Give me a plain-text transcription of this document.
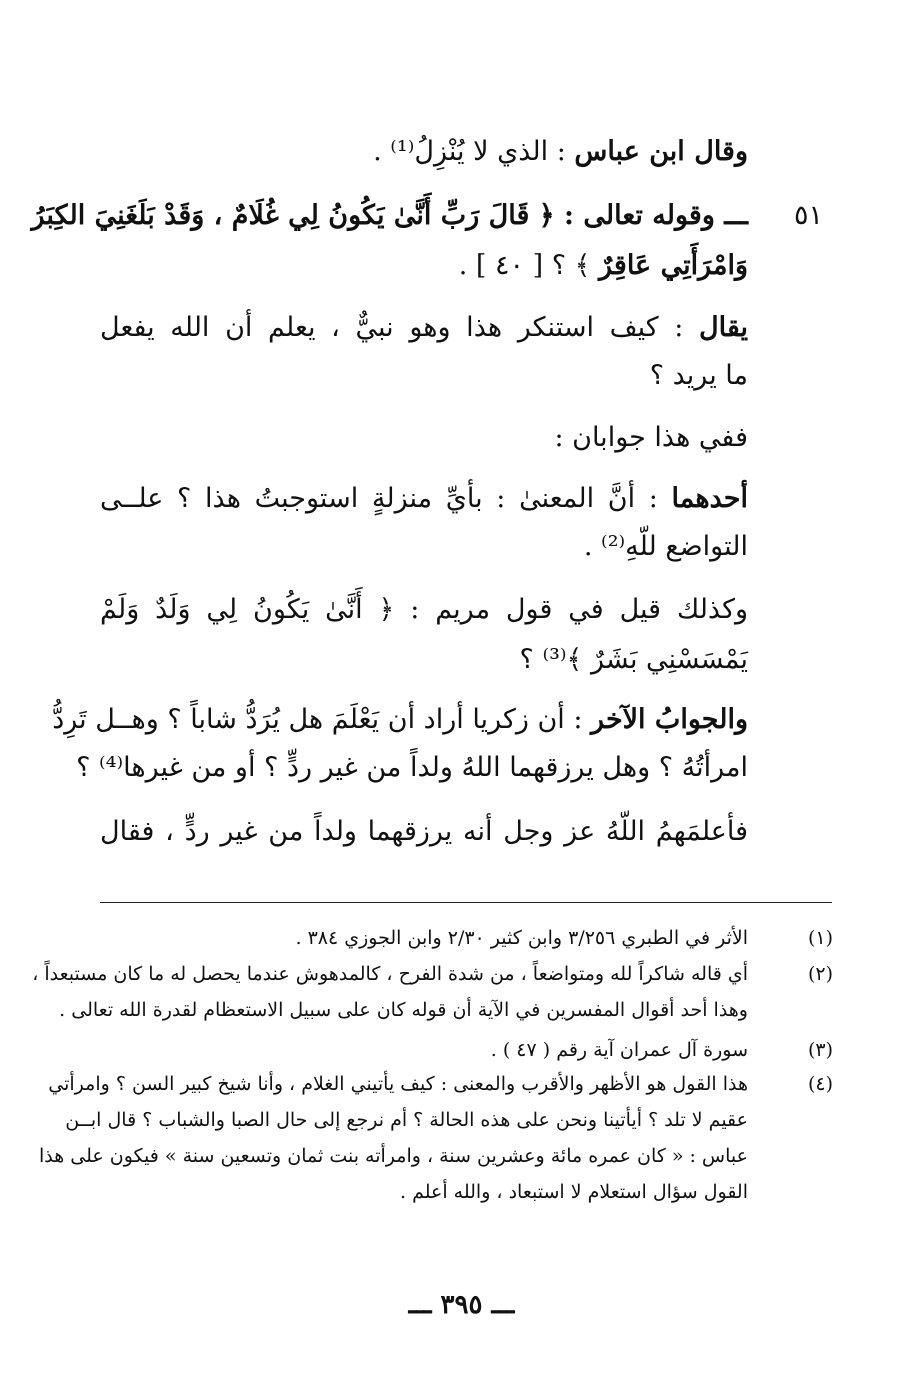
وقال ابن عباس : الذي لا يُنْزِلُ⁽¹⁾ .
٥١
ـــ وقوله تعالى : ﴿ قَالَ رَبِّ أَنَّىٰ يَكُونُ لِي غُلَامٌ ، وَقَدْ بَلَغَنِيَ الكِبَرُ
وَامْرَأَتِي عَاقِرٌ ﴾ ؟ [ ٤٠ ] .
يقال : كيف استنكر هذا وهو نبيٌّ ، يعلم أن الله يفعل
ما يريد ؟
ففي هذا جوابان :
أحدهما : أنَّ المعنىٰ : بأيِّ منزلةٍ استوجبتُ هذا ؟ علــى
التواضع للّهِ⁽²⁾ .
وكذلك قيل في قول مريم : ﴿ أَنَّىٰ يَكُونُ لِي وَلَدٌ وَلَمْ
يَمْسَسْنِي بَشَرٌ ﴾⁽³⁾ ؟
والجوابُ الآخر : أن زكريا أراد أن يَعْلَمَ هل يُرَدُّ شاباً ؟ وهــل تَرِدُّ
امرأتُهُ ؟ وهل يرزقهما اللهُ ولداً من غير ردٍّ ؟ أو من غيرها⁽⁴⁾ ؟
فأعلمَهمُ اللّهُ عز وجل أنه يرزقهما ولداً من غير ردٍّ ، فقال
(١)
الأثر في الطبري ٣/٢٥٦ وابن كثير ٢/٣٠ وابن الجوزي ٣٨٤ .
(٢)
أي قاله شاكراً لله ومتواضعاً ، من شدة الفرح ، كالمدهوش عندما يحصل له ما كان مستبعداً ،
وهذا أحد أقوال المفسرين في الآية أن قوله كان على سبيل الاستعظام لقدرة الله تعالى .
(٣)
سورة آل عمران آية رقم ( ٤٧ ) .
(٤)
هذا القول هو الأظهر والأقرب والمعنى : كيف يأتيني الغلام ، وأنا شيخ كبير السن ؟ وامرأتي
عقيم لا تلد ؟ أيأتينا ونحن على هذه الحالة ؟ أم نرجع إلى حال الصبا والشباب ؟ قال ابــن
عباس : « كان عمره مائة وعشرين سنة ، وامرأته بنت ثمان وتسعين سنة » فيكون على هذا
القول سؤال استعلام لا استبعاد ، والله أعلم .
ـــ ٣٩٥ ـــ
